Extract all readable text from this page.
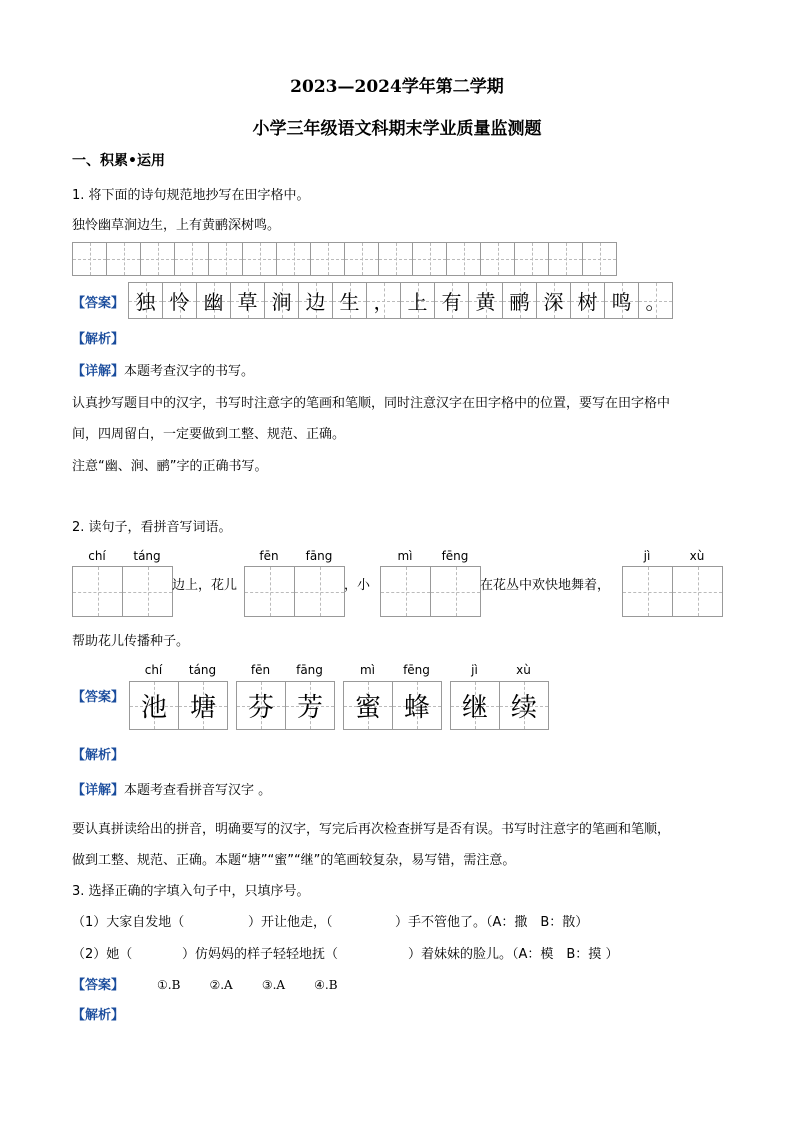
2023—2024学年第二学期
小学三年级语文科期末学业质量监测题
一、积累•运用
1. 将下面的诗句规范地抄写在田字格中。
独怜幽草涧边生，上有黄鹂深树鸣。
【答案】 独 怜 幽 草 涧 边 生 ， 上 有 黄 鹂 深 树 鸣 。
【解析】
【详解】本题考查汉字的书写。
认真抄写题目中的汉字，书写时注意字的笔画和笔顺，同时注意汉字在田字格中的位置，要写在田字格中
间，四周留白，一定要做到工整、规范、正确。
注意“幽、涧、鹂”字的正确书写。
2. 读句子，看拼音写词语。
chí	táng
边上，花儿
fēn	fāng
，小
mì	fēng
在花丛中欢快地舞着，
jì	xù
帮助花儿传播种子。
【答案】
chí	táng	fēn	fāng	mì	fēng	jì	xù
池 塘	芬 芳	蜜 蜂	继 续
【解析】
【详解】本题考查看拼音写汉字 。
要认真拼读给出的拼音，明确要写的汉字，写完后再次检查拼写是否有误。书写时注意字的笔画和笔顺，
做到工整、规范、正确。本题“塘”“蜜”“继”的笔画较复杂，易写错，需注意。
3. 选择正确的字填入句子中，只填序号。
（1）大家自发地（	）开让他走，（	）手不管他了。（A：撒　B：散）
（2）她（	）仿妈妈的样子轻轻地抚（	）着妹妹的脸儿。（A：模　B：摸 ）
【答案】	①.B ②.A ③.A ④.B
【解析】
